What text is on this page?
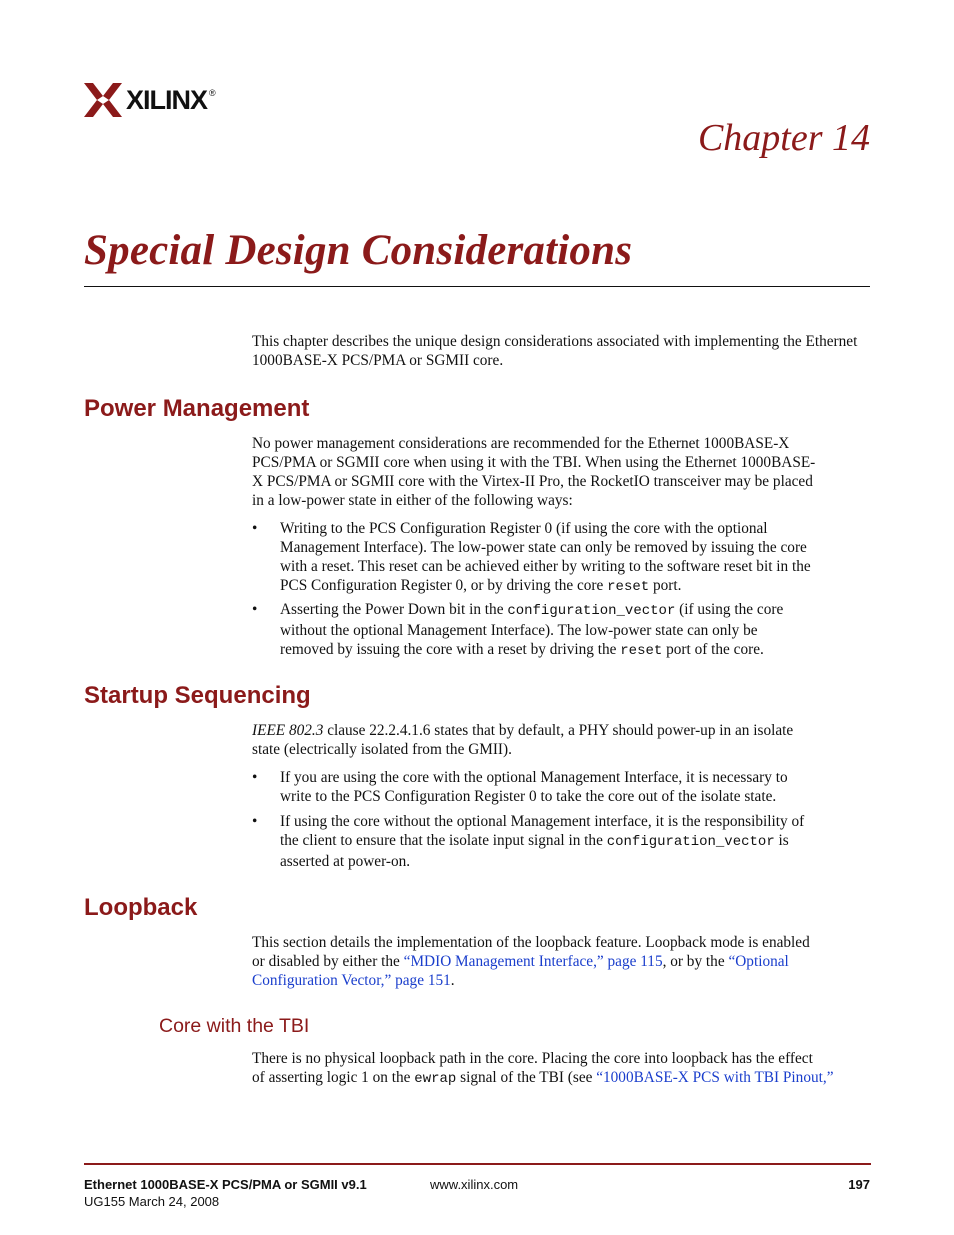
XILINX ®
Chapter 14
Special Design Considerations

This chapter describes the unique design considerations associated with implementing the Ethernet 1000BASE-X PCS/PMA or SGMII core.

Power Management

No power management considerations are recommended for the Ethernet 1000BASE-X
PCS/PMA or SGMII core when using it with the TBI. When using the Ethernet 1000BASE-
X PCS/PMA or SGMII core with the Virtex-II Pro, the RocketIO transceiver may be placed
in a low-power state in either of the following ways:

• Writing to the PCS Configuration Register 0 (if using the core with the optional
Management Interface). The low-power state can only be removed by issuing the core
with a reset. This reset can be achieved either by writing to the software reset bit in the
PCS Configuration Register 0, or by driving the core reset port.
• Asserting the Power Down bit in the configuration_vector (if using the core
without the optional Management Interface). The low-power state can only be
removed by issuing the core with a reset by driving the reset port of the core.
Startup Sequencing

IEEE 802.3 clause 22.2.4.1.6 states that by default, a PHY should power-up in an isolate
state (electrically isolated from the GMII).

• If you are using the core with the optional Management Interface, it is necessary to
write to the PCS Configuration Register 0 to take the core out of the isolate state.
• If using the core without the optional Management interface, it is the responsibility of
the client to ensure that the isolate input signal in the configuration_vector is
asserted at power-on.
Loopback

This section details the implementation of the loopback feature. Loopback mode is enabled
or disabled by either the “MDIO Management Interface,” page 115, or by the “Optional
Configuration Vector,” page 151.

Core with the TBI

There is no physical loopback path in the core. Placing the core into loopback has the effect
of asserting logic 1 on the ewrap signal of the TBI (see “1000BASE-X PCS with TBI Pinout,”

Ethernet 1000BASE-X PCS/PMA or SGMII v9.1

UG155 March 24, 2008

www.xilinx.com	197
